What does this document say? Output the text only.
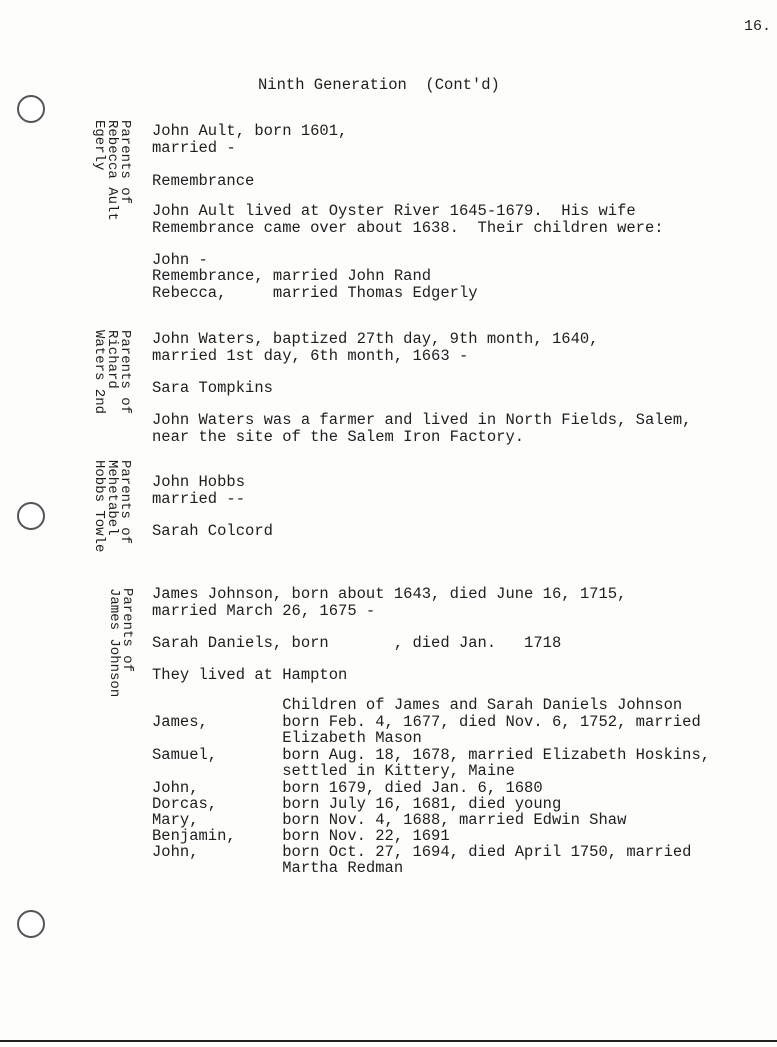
16.
Ninth Generation  (Cont'd)
Parents of
Rebecca Ault
Egerly	John Ault, born 1601,
married -
Remembrance
John Ault lived at Oyster River 1645-1679.  His wife
Remembrance came over about 1638.  Their children were:
John -
Remembrance, married John Rand
Rebecca,     married Thomas Edgerly
Parents of
Richard
Waters 2nd	John Waters, baptized 27th day, 9th month, 1640,
married 1st day, 6th month, 1663 -
Sara Tompkins
John Waters was a farmer and lived in North Fields, Salem,
near the site of the Salem Iron Factory.
Parents of
Mehetabel
Hobbs Towle	John Hobbs
married --
Sarah Colcord
Parents of
James Johnson James Johnson, born about 1643, died June 16, 1715,
married March 26, 1675 -
Sarah Daniels, born       , died Jan.   1718
They lived at Hampton
Children of James and Sarah Daniels Johnson
James,        born Feb. 4, 1677, died Nov. 6, 1752, married
Elizabeth Mason
Samuel,       born Aug. 18, 1678, married Elizabeth Hoskins,
settled in Kittery, Maine
John,         born 1679, died Jan. 6, 1680
Dorcas,       born July 16, 1681, died young
Mary,         born Nov. 4, 1688, married Edwin Shaw
Benjamin,     born Nov. 22, 1691
John,         born Oct. 27, 1694, died April 1750, married
Martha Redman
